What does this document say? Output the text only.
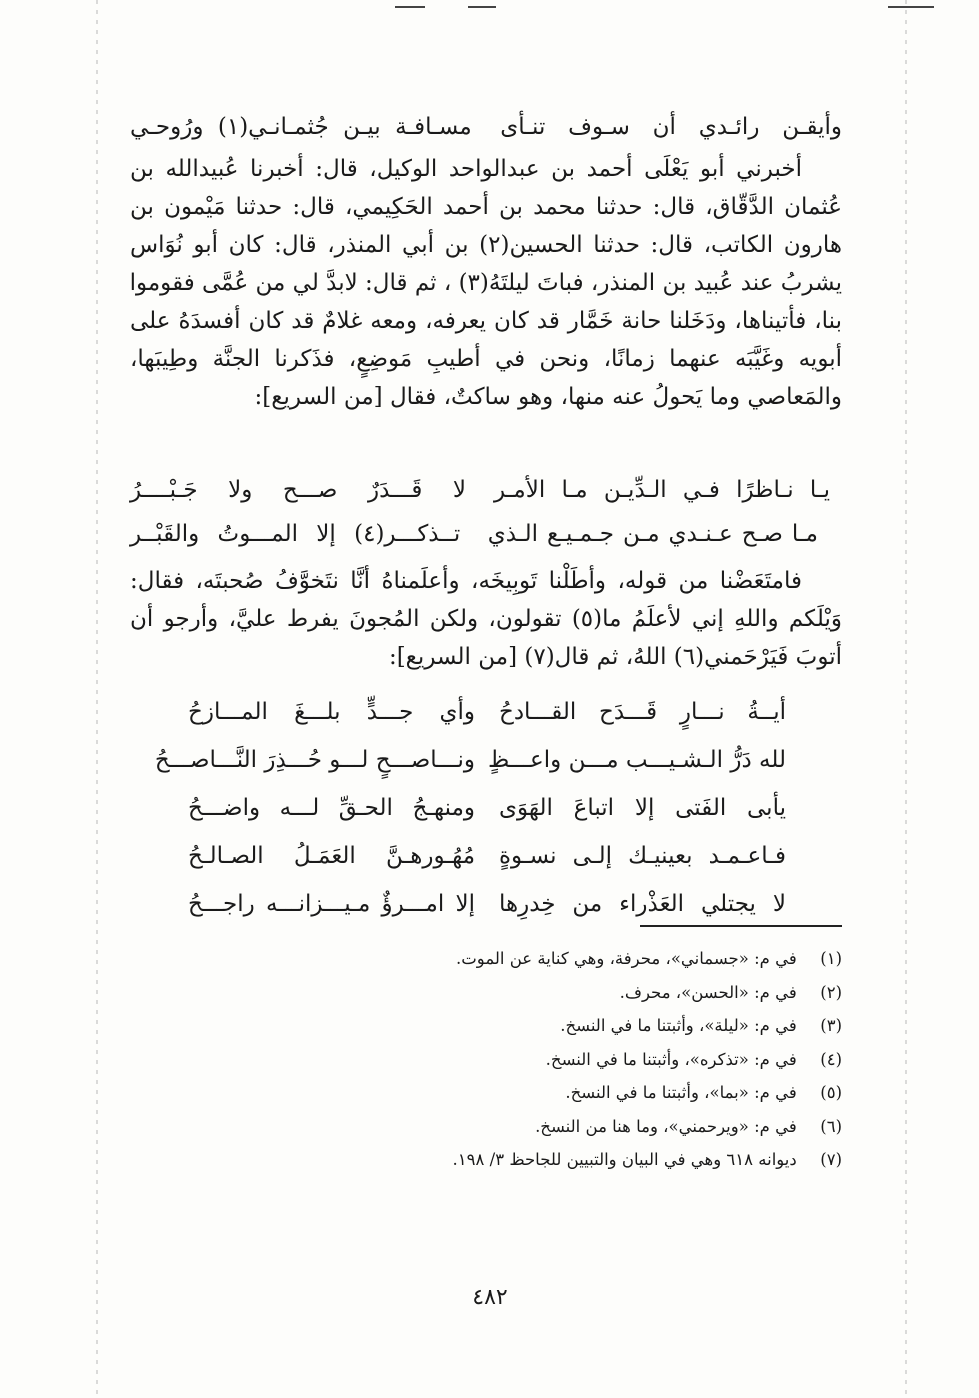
وأيقـن رائـدي أن سـوف تنـأى
مسـافـة بيـن جُثمـانـي(١) ورُوحـي
أخبرني أبو يَعْلَى أحمد بن عبدالواحد الوكيل، قال: أخبرنا عُبيدالله بن
عُثمان الدَّقّاق، قال: حدثنا محمد بن أحمد الحَكِيمي، قال: حدثنا مَيْمون بن
هارون الكاتب، قال: حدثنا الحسين(٢) بن أبي المنذر، قال: كان أبو نُوَاس
يشربُ عند عُبيد بن المنذر، فباتَ ليلتَهُ(٣) ، ثم قال: لابدَّ لي من عُمَّى فقوموا
بنا، فأتيناها، ودَخَلنا حانة خَمَّار قد كان يعرفه، ومعه غلامٌ قد كان أفسدَهُ على
أبويه وغَيَّبَه عنهما زمانًا، ونحن في أطيبِ مَوضِعٍ، فذَكرنا الجنَّة وطِيبَها،
والمَعاصي وما يَحولُ عنه منها، وهو ساكتٌ، فقال [من السريع]:
يـا نـاظرًا فـي الـدِّيـن مـا الأمـر
لا قَـــدَرٌ صـــح ولا جَـبْــــرُ
مـا صـح عـنـدي مـن جـمـيـع الـذي
تــذكـــر(٤) إلا المـــوتُ والقَبْــر
فامتَعَضْنا من قوله، وأطَلْنا تَوبِيخَه، وأعلَمناهُ أنَّا نتَخوَّفُ صُحبتَه، فقال:
وَيْلَكم واللهِ إني لأعلَمُ ما(٥) تقولون، ولكن المُجونَ يفرط عليَّ، وأرجو أن
أتوبَ فَيَرْحَمني(٦) اللهُ، ثم قال(٧) [من السريع]:
أيــةُ نـــارٍ قَـــدَح القـــادحُ
وأي جـــدٍّ بلـــغَ المـــازحُ
لله دَرُّ الـشـيـــب مـــن واعـــظٍ
ونـــاصـــحٍ لـــو حُـــذِرَ النَّـــاصـــحُ
يأبى الفَتى إلا اتباعَ الهَوَى
ومنهـجُ الحـقِّ لـــه واضـــحُ
فـاعـمـد بعينيـك إلـى نسـوةٍ
مُهُـورهـنَّ العَمَـلُ الصـالـحُ
لا يجتلي العَذْراء من خِدرِها
إلا امـــرؤٌ مـيـــزانـــه راجـــحُ
(١) في م: «جسماني»، محرفة، وهي كناية عن الموت.
(٢) في م: «الحسن»، محرف.
(٣) في م: «ليلة»، وأثبتنا ما في النسخ.
(٤) في م: «تذكره»، وأثبتنا ما في النسخ.
(٥) في م: «بما»، وأثبتنا ما في النسخ.
(٦) في م: «ويرحمني»، وما هنا من النسخ.
(٧) ديوانه ٦١٨ وهي في البيان والتبيين للجاحظ ٣/ ١٩٨.
٤٨٢
